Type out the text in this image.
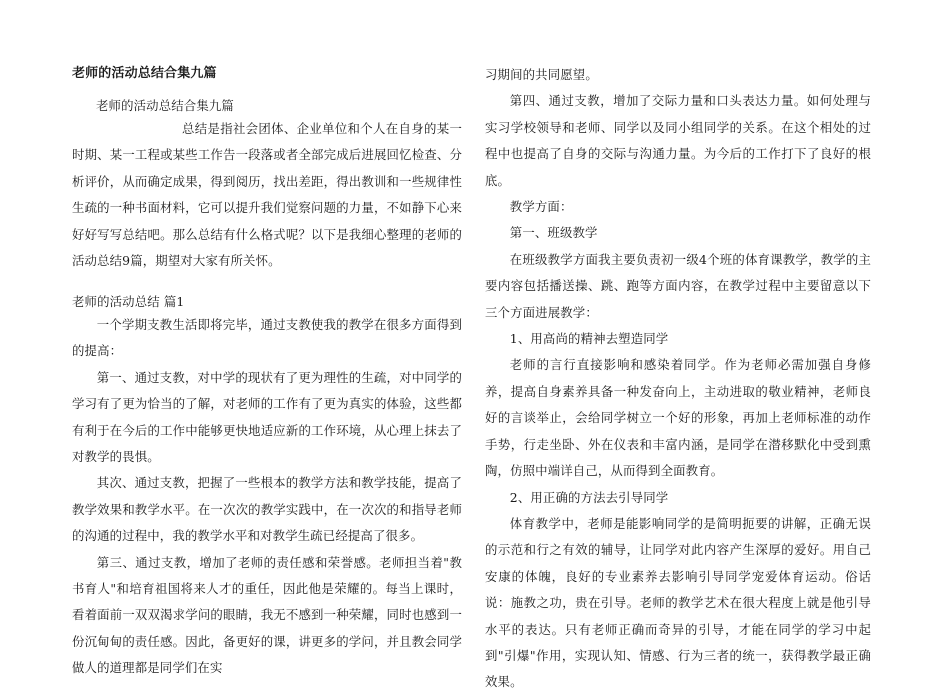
老师的活动总结合集九篇
老师的活动总结合集九篇

总结是指社会团体、企业单位和个人在自身的某一时期、某一工程或某些工作告一段落或者全部完成后进展回忆检查、分析评价，从而确定成果，得到阅历，找出差距，得出教训和一些规律性生疏的一种书面材料，它可以提升我们觉察问题的力量，不如静下心来好好写写总结吧。那么总结有什么格式呢？以下是我细心整理的老师的活动总结9篇，期望对大家有所关怀。

老师的活动总结 篇1

一个学期支教生活即将完毕，通过支教使我的教学在很多方面得到的提高：

第一、通过支教，对中学的现状有了更为理性的生疏，对中同学的学习有了更为恰当的了解，对老师的工作有了更为真实的体验，这些都有利于在今后的工作中能够更快地适应新的工作环境，从心理上抹去了对教学的畏惧。

其次、通过支教，把握了一些根本的教学方法和教学技能，提高了教学效果和教学水平。在一次次的教学实践中，在一次次的和指导老师的沟通的过程中，我的教学水平和对教学生疏已经提高了很多。

第三、通过支教，增加了老师的责任感和荣誉感。老师担当着"教书育人"和培育祖国将来人才的重任，因此他是荣耀的。每当上课时，看着面前一双双渴求学问的眼睛，我无不感到一种荣耀，同时也感到一份沉甸甸的责任感。因此，备更好的课，讲更多的学问，并且教会同学做人的道理都是同学们在实

习期间的共同愿望。

第四、通过支教，增加了交际力量和口头表达力量。如何处理与实习学校领导和老师、同学以及同小组同学的关系。在这个相处的过程中也提高了自身的交际与沟通力量。为今后的工作打下了良好的根底。

教学方面：

第一、班级教学

在班级教学方面我主要负责初一级4个班的体育课教学，教学的主要内容包括播送操、跳、跑等方面内容，在教学过程中主要留意以下三个方面进展教学：

1、用高尚的精神去塑造同学

老师的言行直接影响和感染着同学。作为老师必需加强自身修养，提高自身素养具备一种发奋向上，主动进取的敬业精神，老师良好的言谈举止，会给同学树立一个好的形象，再加上老师标准的动作手势，行走坐卧、外在仪表和丰富内涵，是同学在潜移默化中受到熏陶，仿照中端详自己，从而得到全面教育。

2、用正确的方法去引导同学

体育教学中，老师是能影响同学的是简明扼要的讲解，正确无误的示范和行之有效的辅导，让同学对此内容产生深厚的爱好。用自己安康的体魄，良好的专业素养去影响引导同学宠爱体育运动。俗话说：施教之功，贵在引导。老师的教学艺术在很大程度上就是他引导水平的表达。只有老师正确而奇异的引导，才能在同学的学习中起到"引爆"作用，实现认知、情感、行为三者的统一，获得教学最正确效果。
